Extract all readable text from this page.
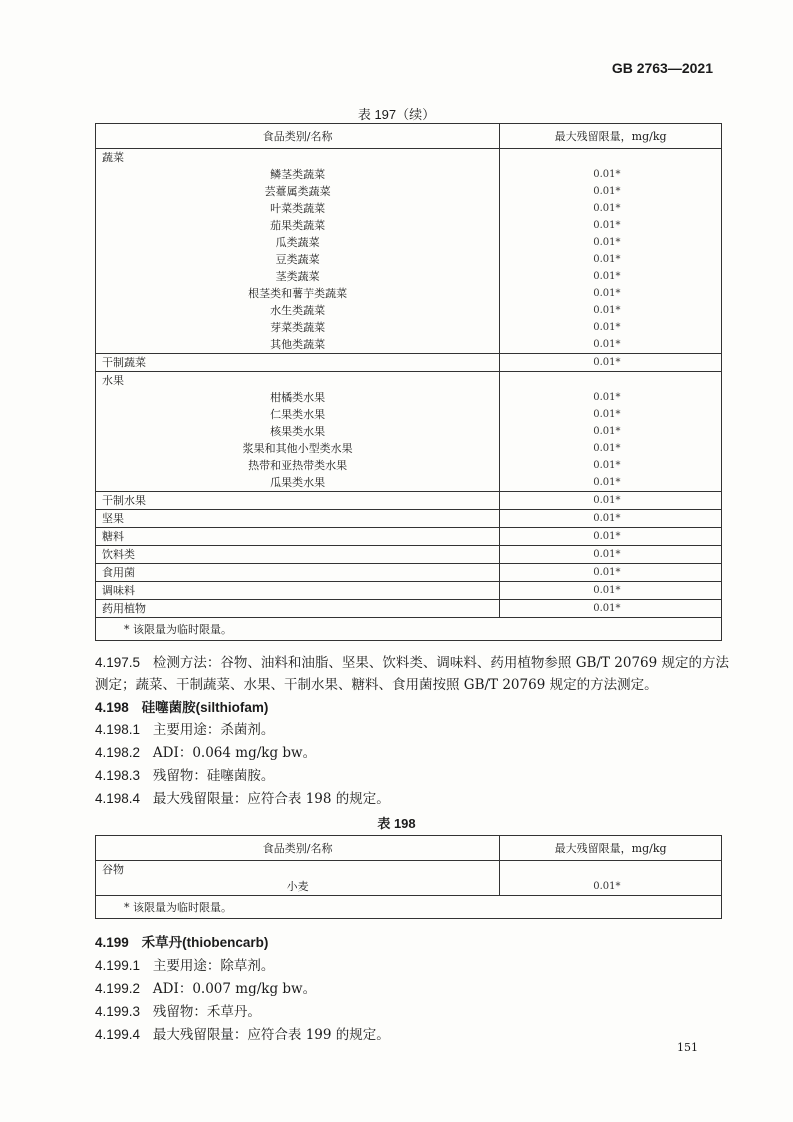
GB 2763—2021
表 197（续）
食品类别/名称	最大残留限量，mg/kg
蔬菜	
鳞茎类蔬菜	0.01*
芸薹属类蔬菜	0.01*
叶菜类蔬菜	0.01*
茄果类蔬菜	0.01*
瓜类蔬菜	0.01*
豆类蔬菜	0.01*
茎类蔬菜	0.01*
根茎类和薯芋类蔬菜	0.01*
水生类蔬菜	0.01*
芽菜类蔬菜	0.01*
其他类蔬菜	0.01*
干制蔬菜	0.01*
水果	
柑橘类水果	0.01*
仁果类水果	0.01*
核果类水果	0.01*
浆果和其他小型类水果	0.01*
热带和亚热带类水果	0.01*
瓜果类水果	0.01*
干制水果	0.01*
坚果	0.01*
糖料	0.01*
饮料类	0.01*
食用菌	0.01*
调味料	0.01*
药用植物	0.01*
* 该限量为临时限量。	
4.197.5 检测方法：谷物、油料和油脂、坚果、饮料类、调味料、药用植物参照 GB/T 20769 规定的方法测定；蔬菜、干制蔬菜、水果、干制水果、糖料、食用菌按照 GB/T 20769 规定的方法测定。
4.198 硅噻菌胺(silthiofam)
4.198.1 主要用途：杀菌剂。
4.198.2 ADI：0.064 mg/kg bw。
4.198.3 残留物：硅噻菌胺。
4.198.4 最大残留限量：应符合表 198 的规定。
表 198
食品类别/名称	最大残留限量，mg/kg
谷物	
小麦	0.01*
* 该限量为临时限量。	
4.199 禾草丹(thiobencarb)
4.199.1 主要用途：除草剂。
4.199.2 ADI：0.007 mg/kg bw。
4.199.3 残留物：禾草丹。
4.199.4 最大残留限量：应符合表 199 的规定。
151
